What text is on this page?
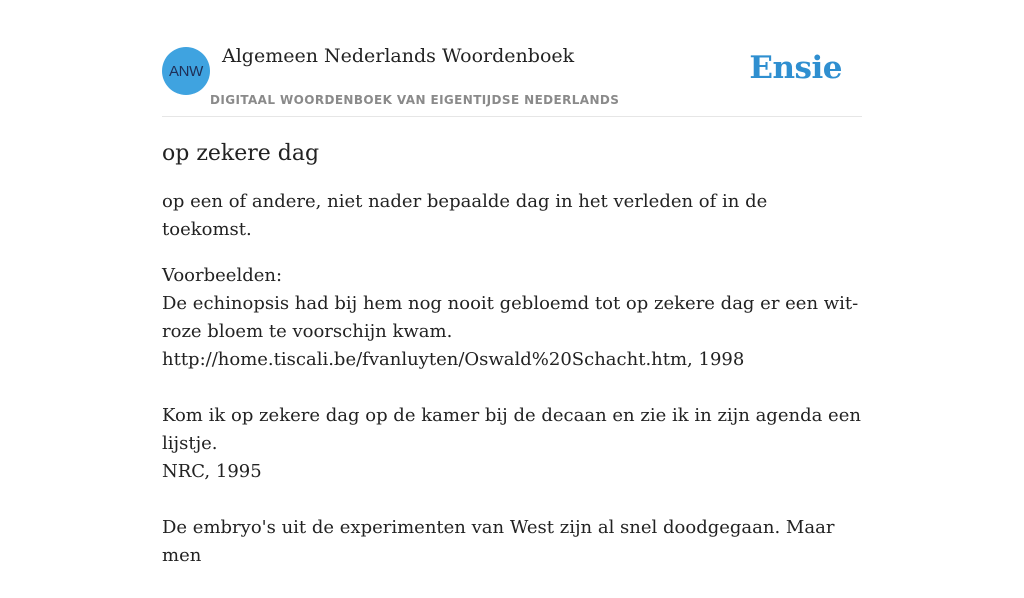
ANW
Algemeen Nederlands Woordenboek
DIGITAAL WOORDENBOEK VAN EIGENTIJDSE NEDERLANDS
Ensie
op zekere dag

op een of andere, niet nader bepaalde dag in het verleden of in de toekomst.

Voorbeelden:
De echinopsis had bij hem nog nooit gebloemd tot op zekere dag er een wit-roze bloem te voorschijn kwam.
http://home.tiscali.be/fvanluyten/Oswald%20Schacht.htm, 1998
Kom ik op zekere dag op de kamer bij de decaan en zie ik in zijn agenda een lijstje.
NRC, 1995
De embryo's uit de experimenten van West zijn al snel doodgegaan. Maar men
